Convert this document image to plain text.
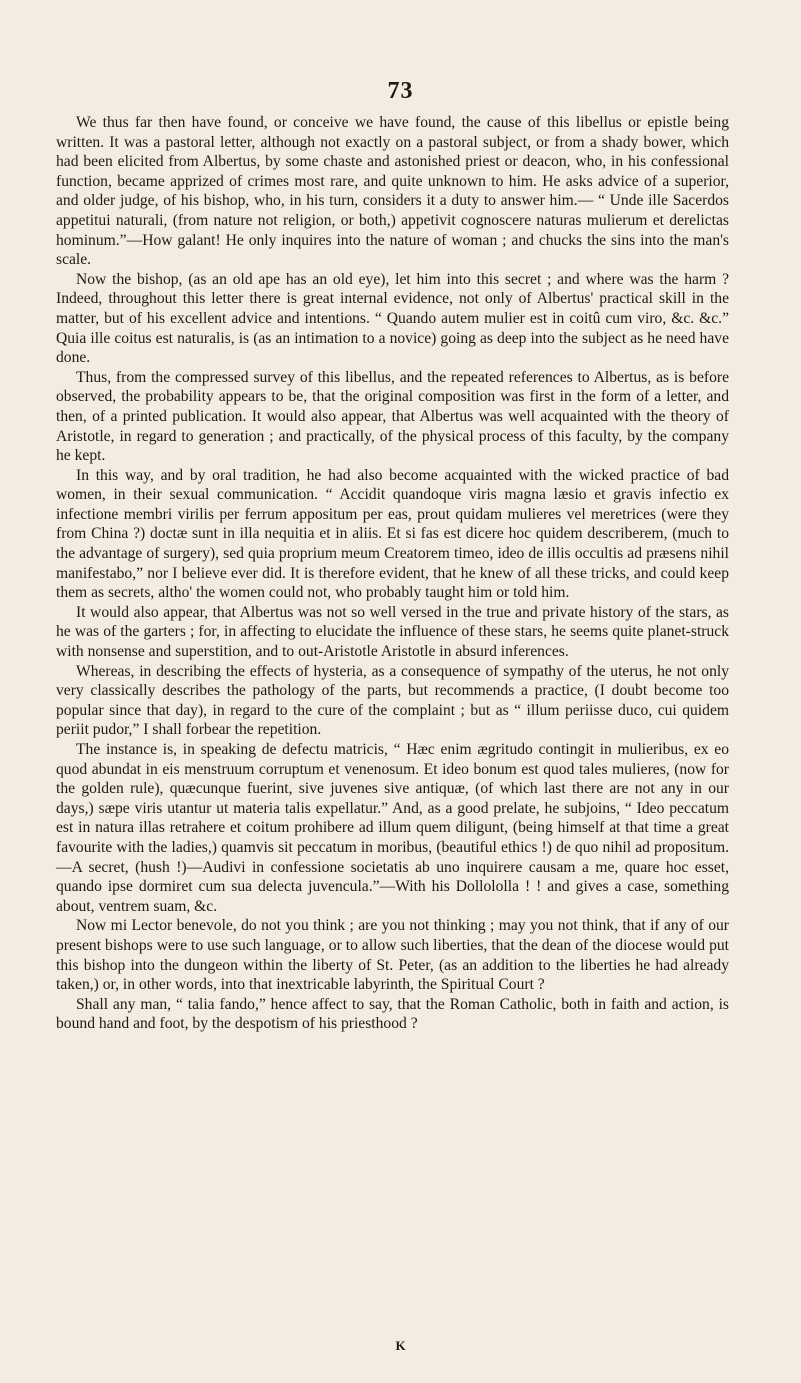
73

We thus far then have found, or conceive we have found, the cause of this libellus or epistle being written. It was a pastoral letter, although not exactly on a pastoral subject, or from a shady bower, which had been elicited from Albertus, by some chaste and astonished priest or deacon, who, in his confessional function, became apprized of crimes most rare, and quite unknown to him. He asks advice of a superior, and older judge, of his bishop, who, in his turn, considers it a duty to answer him.— “ Unde ille Sacerdos appetitui naturali, (from nature not religion, or both,) appetivit cognoscere naturas mulierum et derelictas hominum.”—How galant! He only inquires into the nature of woman ; and chucks the sins into the man's scale.

Now the bishop, (as an old ape has an old eye), let him into this secret ; and where was the harm ? Indeed, throughout this letter there is great internal evidence, not only of Albertus' practical skill in the matter, but of his excellent advice and intentions. “ Quando autem mulier est in coitû cum viro, &c. &c.” Quia ille coitus est naturalis, is (as an intimation to a novice) going as deep into the subject as he need have done.

Thus, from the compressed survey of this libellus, and the repeated references to Albertus, as is before observed, the probability appears to be, that the original composition was first in the form of a letter, and then, of a printed publication. It would also appear, that Albertus was well acquainted with the theory of Aristotle, in regard to generation ; and practically, of the physical process of this faculty, by the company he kept.

In this way, and by oral tradition, he had also become acquainted with the wicked practice of bad women, in their sexual communication. “ Accidit quandoque viris magna læsio et gravis infectio ex infectione membri virilis per ferrum appositum per eas, prout quidam mulieres vel meretrices (were they from China ?) doctæ sunt in illa nequitia et in aliis. Et si fas est dicere hoc quidem describerem, (much to the advantage of surgery), sed quia proprium meum Creatorem timeo, ideo de illis occultis ad præsens nihil manifestabo,” nor I believe ever did. It is therefore evident, that he knew of all these tricks, and could keep them as secrets, altho' the women could not, who probably taught him or told him.

It would also appear, that Albertus was not so well versed in the true and private history of the stars, as he was of the garters ; for, in affecting to elucidate the influence of these stars, he seems quite planet-struck with nonsense and superstition, and to out-Aristotle Aristotle in absurd inferences.

Whereas, in describing the effects of hysteria, as a consequence of sympathy of the uterus, he not only very classically describes the pathology of the parts, but recommends a practice, (I doubt become too popular since that day), in regard to the cure of the complaint ; but as “ illum periisse duco, cui quidem periit pudor,” I shall forbear the repetition.

The instance is, in speaking de defectu matricis, “ Hæc enim ægritudo contingit in mulieribus, ex eo quod abundat in eis menstruum corruptum et venenosum. Et ideo bonum est quod tales mulieres, (now for the golden rule), quæcunque fuerint, sive juvenes sive antiquæ, (of which last there are not any in our days,) sæpe viris utantur ut materia talis expellatur.” And, as a good prelate, he subjoins, “ Ideo peccatum est in natura illas retrahere et coitum prohibere ad illum quem diligunt, (being himself at that time a great favourite with the ladies,) quamvis sit peccatum in moribus, (beautiful ethics !) de quo nihil ad propositum.—A secret, (hush !)—Audivi in confessione societatis ab uno inquirere causam a me, quare hoc esset, quando ipse dormiret cum sua delecta juvencula.”—With his Dollololla ! ! and gives a case, something about, ventrem suam, &c.

Now mi Lector benevole, do not you think ; are you not thinking ; may you not think, that if any of our present bishops were to use such language, or to allow such liberties, that the dean of the diocese would put this bishop into the dungeon within the liberty of St. Peter, (as an addition to the liberties he had already taken,) or, in other words, into that inextricable labyrinth, the Spiritual Court ?

Shall any man, “ talia fando,” hence affect to say, that the Roman Catholic, both in faith and action, is bound hand and foot, by the despotism of his priesthood ?

K
